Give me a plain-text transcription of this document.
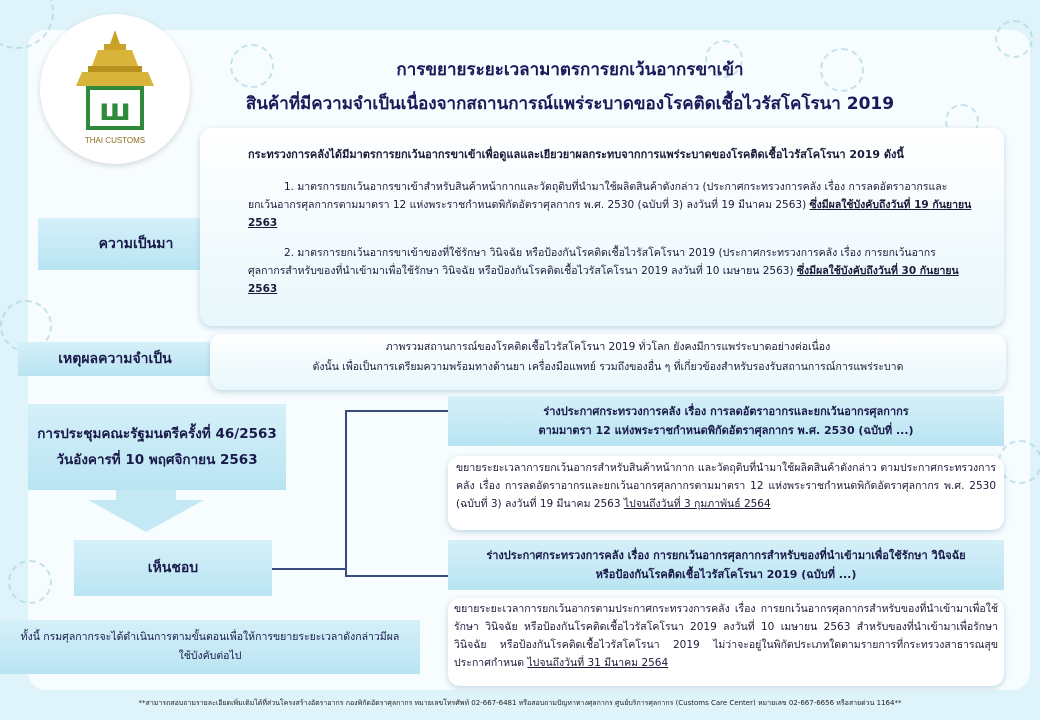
ш
THAI CUSTOMS
การขยายระยะเวลามาตรการยกเว้นอากรขาเข้า
สินค้าที่มีความจำเป็นเนื่องจากสถานการณ์แพร่ระบาดของโรคติดเชื้อไวรัสโคโรนา 2019
ความเป็นมา
กระทรวงการคลังได้มีมาตรการยกเว้นอากรขาเข้าเพื่อดูแลและเยียวยาผลกระทบจากการแพร่ระบาดของโรคติดเชื้อไวรัสโคโรนา 2019 ดังนี้
1. มาตรการยกเว้นอากรขาเข้าสำหรับสินค้าหน้ากากและวัตถุดิบที่นำมาใช้ผลิตสินค้าดังกล่าว (ประกาศกระทรวงการคลัง เรื่อง การลดอัตราอากรและยกเว้นอากรศุลกากรตามมาตรา 12 แห่งพระราชกำหนดพิกัดอัตราศุลกากร พ.ศ. 2530 (ฉบับที่ 3) ลงวันที่ 19 มีนาคม 2563) ซึ่งมีผลใช้บังคับถึงวันที่ 19 กันยายน 2563
2. มาตรการยกเว้นอากรขาเข้าของที่ใช้รักษา วินิจฉัย หรือป้องกันโรคติดเชื้อไวรัสโคโรนา 2019 (ประกาศกระทรวงการคลัง เรื่อง การยกเว้นอากรศุลกากรสำหรับของที่นำเข้ามาเพื่อใช้รักษา วินิจฉัย หรือป้องกันโรคติดเชื้อไวรัสโคโรนา 2019 ลงวันที่ 10 เมษายน 2563) ซึ่งมีผลใช้บังคับถึงวันที่ 30 กันยายน 2563
เหตุผลความจำเป็น
ภาพรวมสถานการณ์ของโรคติดเชื้อไวรัสโคโรนา 2019 ทั่วโลก ยังคงมีการแพร่ระบาดอย่างต่อเนื่อง
ดังนั้น เพื่อเป็นการเตรียมความพร้อมทางด้านยา เครื่องมือแพทย์ รวมถึงของอื่น ๆ ที่เกี่ยวข้องสำหรับรองรับสถานการณ์การแพร่ระบาด
การประชุมคณะรัฐมนตรีครั้งที่ 46/2563
วันอังคารที่ 10 พฤศจิกายน 2563
เห็นชอบ
ร่างประกาศกระทรวงการคลัง เรื่อง การลดอัตราอากรและยกเว้นอากรศุลกากร
ตามมาตรา 12 แห่งพระราชกำหนดพิกัดอัตราศุลกากร พ.ศ. 2530 (ฉบับที่ ...)
ขยายระยะเวลาการยกเว้นอากรสำหรับสินค้าหน้ากาก และวัตถุดิบที่นำมาใช้ผลิตสินค้าดังกล่าว ตามประกาศกระทรวงการคลัง เรื่อง การลดอัตราอากรและยกเว้นอากรศุลกากรตามมาตรา 12 แห่งพระราชกำหนดพิกัดอัตราศุลกากร พ.ศ. 2530 (ฉบับที่ 3) ลงวันที่ 19 มีนาคม 2563 ไปจนถึงวันที่ 3 กุมภาพันธ์ 2564
ร่างประกาศกระทรวงการคลัง เรื่อง การยกเว้นอากรศุลกากรสำหรับของที่นำเข้ามาเพื่อใช้รักษา วินิจฉัย
หรือป้องกันโรคติดเชื้อไวรัสโคโรนา 2019 (ฉบับที่ ...)
ขยายระยะเวลาการยกเว้นอากรตามประกาศกระทรวงการคลัง เรื่อง การยกเว้นอากรศุลกากรสำหรับของที่นำเข้ามาเพื่อใช้รักษา วินิจฉัย หรือป้องกันโรคติดเชื้อไวรัสโคโรนา 2019 ลงวันที่ 10 เมษายน 2563 สำหรับของที่นำเข้ามาเพื่อรักษา วินิจฉัย หรือป้องกันโรคติดเชื้อไวรัสโคโรนา 2019 ไม่ว่าจะอยู่ในพิกัดประเภทใดตามรายการที่กระทรวงสาธารณสุขประกาศกำหนด ไปจนถึงวันที่ 31 มีนาคม 2564
ทั้งนี้ กรมศุลกากรจะได้ดำเนินการตามขั้นตอนเพื่อให้การขยายระยะเวลาดังกล่าวมีผลใช้บังคับต่อไป
**สามารถสอบถามรายละเอียดเพิ่มเติมได้ที่ส่วนโครงสร้างอัตราอากร กองพิกัดอัตราศุลกากร หมายเลขโทรศัพท์ 02-667-6481 หรือสอบถามปัญหาทางศุลกากร ศูนย์บริการศุลกากร (Customs Care Center) หมายเลข 02-667-6656 หรือสายด่วน 1164**
